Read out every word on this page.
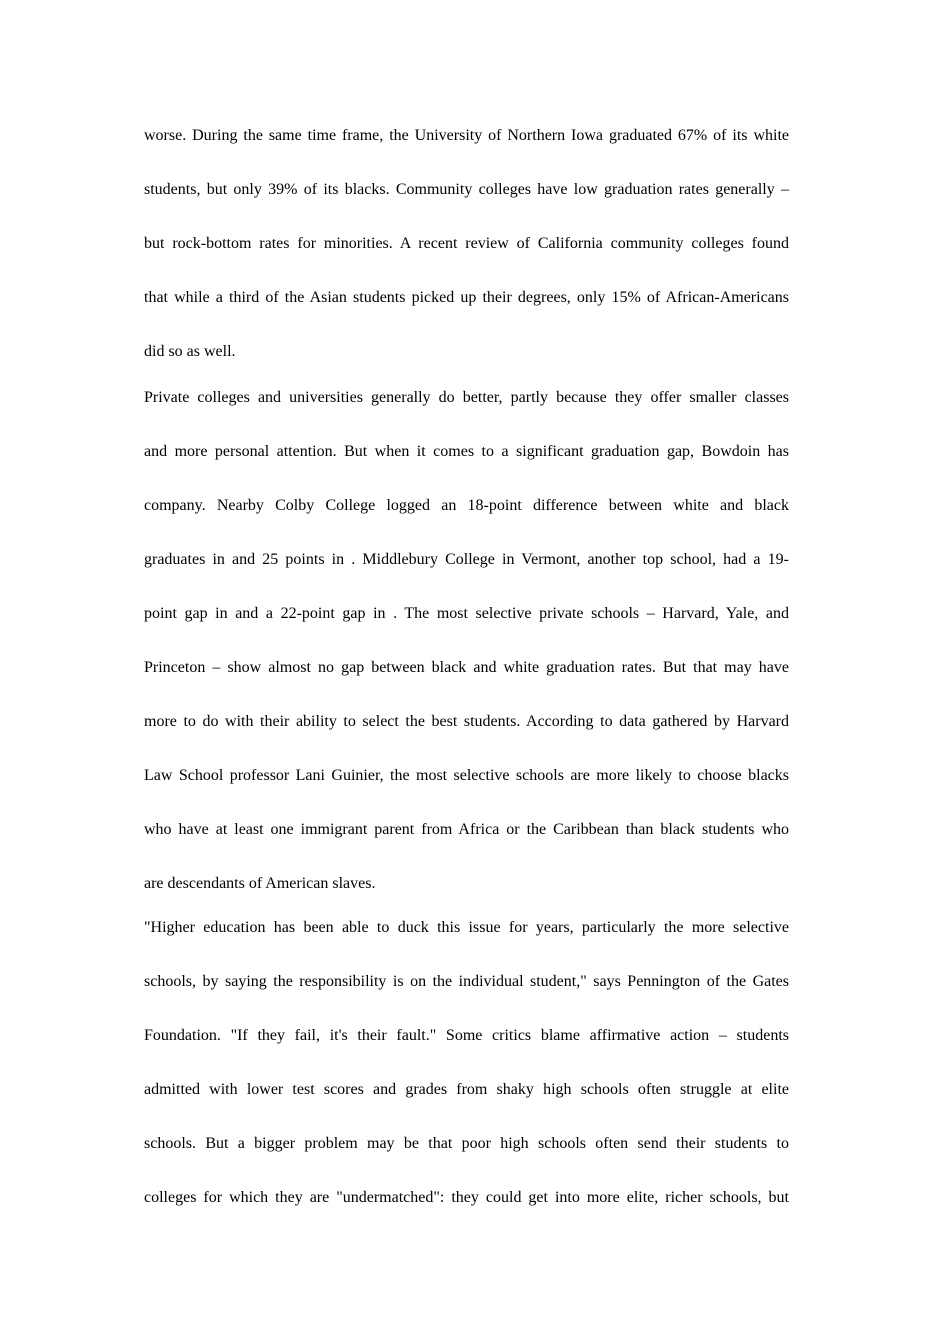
worse. During the same time frame, the University of Northern Iowa graduated 67% of its white
students, but only 39% of its blacks. Community colleges have low graduation rates generally –
but rock-bottom rates for minorities. A recent review of California community colleges found
that while a third of the Asian students picked up their degrees, only 15% of African-Americans
did so as well.
Private colleges and universities generally do better, partly because they offer smaller classes
and more personal attention. But when it comes to a significant graduation gap, Bowdoin has
company. Nearby Colby College logged an 18-point difference between white and black
graduates in and 25 points in . Middlebury College in Vermont, another top school, had a 19-
point gap in and a 22-point gap in . The most selective private schools – Harvard, Yale, and
Princeton – show almost no gap between black and white graduation rates. But that may have
more to do with their ability to select the best students. According to data gathered by Harvard
Law School professor Lani Guinier, the most selective schools are more likely to choose blacks
who have at least one immigrant parent from Africa or the Caribbean than black students who
are descendants of American slaves.
"Higher education has been able to duck this issue for years, particularly the more selective
schools, by saying the responsibility is on the individual student," says Pennington of the Gates
Foundation. "If they fail, it's their fault." Some critics blame affirmative action – students
admitted with lower test scores and grades from shaky high schools often struggle at elite
schools. But a bigger problem may be that poor high schools often send their students to
colleges for which they are "undermatched": they could get into more elite, richer schools, but
